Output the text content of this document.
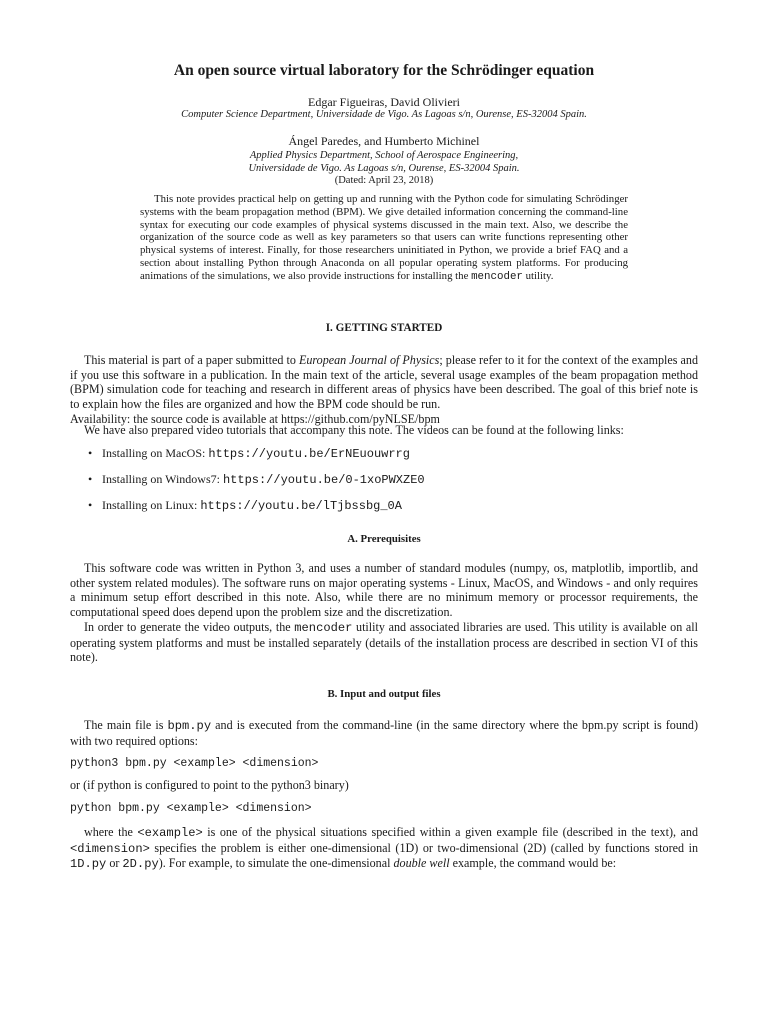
An open source virtual laboratory for the Schrödinger equation
Edgar Figueiras, David Olivieri
Computer Science Department, Universidade de Vigo. As Lagoas s/n, Ourense, ES-32004 Spain.
Ángel Paredes, and Humberto Michinel
Applied Physics Department, School of Aerospace Engineering,
Universidade de Vigo. As Lagoas s/n, Ourense, ES-32004 Spain.
(Dated: April 23, 2018)
This note provides practical help on getting up and running with the Python code for simulating Schrödinger systems with the beam propagation method (BPM). We give detailed information concerning the command-line syntax for executing our code examples of physical systems discussed in the main text. Also, we describe the organization of the source code as well as key parameters so that users can write functions representing other physical systems of interest. Finally, for those researchers uninitiated in Python, we provide a brief FAQ and a section about installing Python through Anaconda on all popular operating system platforms. For producing animations of the simulations, we also provide instructions for installing the mencoder utility.
I. GETTING STARTED
This material is part of a paper submitted to European Journal of Physics; please refer to it for the context of the examples and if you use this software in a publication. In the main text of the article, several usage examples of the beam propagation method (BPM) simulation code for teaching and research in different areas of physics have been described. The goal of this brief note is to explain how the files are organized and how the BPM code should be run.
Availability: the source code is available at https://github.com/pyNLSE/bpm
We have also prepared video tutorials that accompany this note. The videos can be found at the following links:
• Installing on MacOS: https://youtu.be/ErNEuouwrrg
• Installing on Windows7: https://youtu.be/0-1xoPWXZE0
• Installing on Linux: https://youtu.be/lTjbssbg_0A
A. Prerequisites
This software code was written in Python 3, and uses a number of standard modules (numpy, os, matplotlib, importlib, and other system related modules). The software runs on major operating systems - Linux, MacOS, and Windows - and only requires a minimum setup effort described in this note. Also, while there are no minimum memory or processor requirements, the computational speed does depend upon the problem size and the discretization.
In order to generate the video outputs, the mencoder utility and associated libraries are used. This utility is available on all operating system platforms and must be installed separately (details of the installation process are described in section VI of this note).
B. Input and output files
The main file is bpm.py and is executed from the command-line (in the same directory where the bpm.py script is found) with two required options:
python3 bpm.py <example> <dimension>
or (if python is configured to point to the python3 binary)
python bpm.py <example> <dimension>
where the <example> is one of the physical situations specified within a given example file (described in the text), and <dimension> specifies the problem is either one-dimensional (1D) or two-dimensional (2D) (called by functions stored in 1D.py or 2D.py). For example, to simulate the one-dimensional double well example, the command would be:
